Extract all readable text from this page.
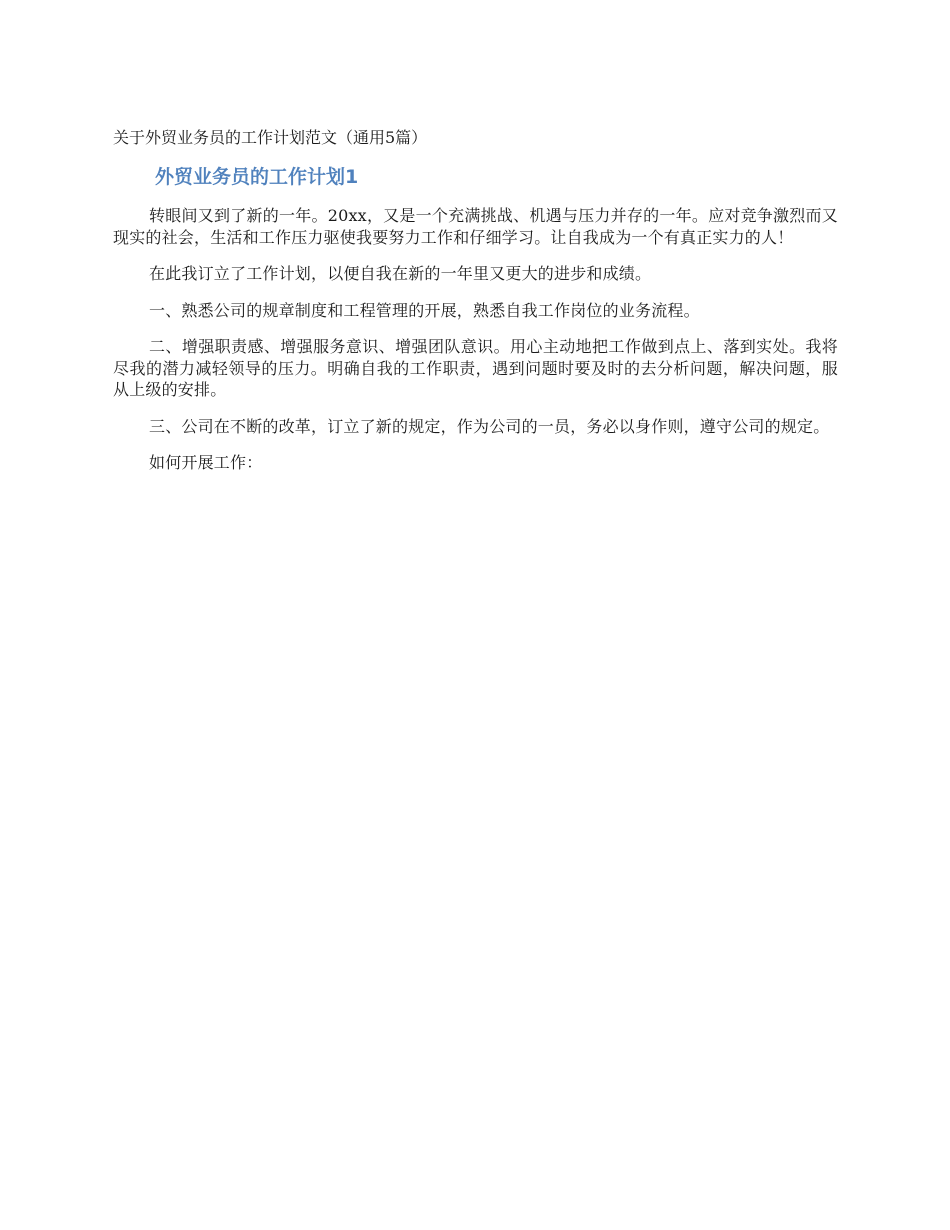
关于外贸业务员的工作计划范文（通用5篇）
外贸业务员的工作计划1

转眼间又到了新的一年。20xx，又是一个充满挑战、机遇与压力并存的一年。应对竞争激烈而又现实的社会，生活和工作压力驱使我要努力工作和仔细学习。让自我成为一个有真正实力的人！

在此我订立了工作计划，以便自我在新的一年里又更大的进步和成绩。

一、熟悉公司的规章制度和工程管理的开展，熟悉自我工作岗位的业务流程。

二、增强职责感、增强服务意识、增强团队意识。用心主动地把工作做到点上、落到实处。我将尽我的潜力减轻领导的压力。明确自我的工作职责，遇到问题时要及时的去分析问题，解决问题，服从上级的安排。

三、公司在不断的改革，订立了新的规定，作为公司的一员，务必以身作则，遵守公司的规定。

如何开展工作：
